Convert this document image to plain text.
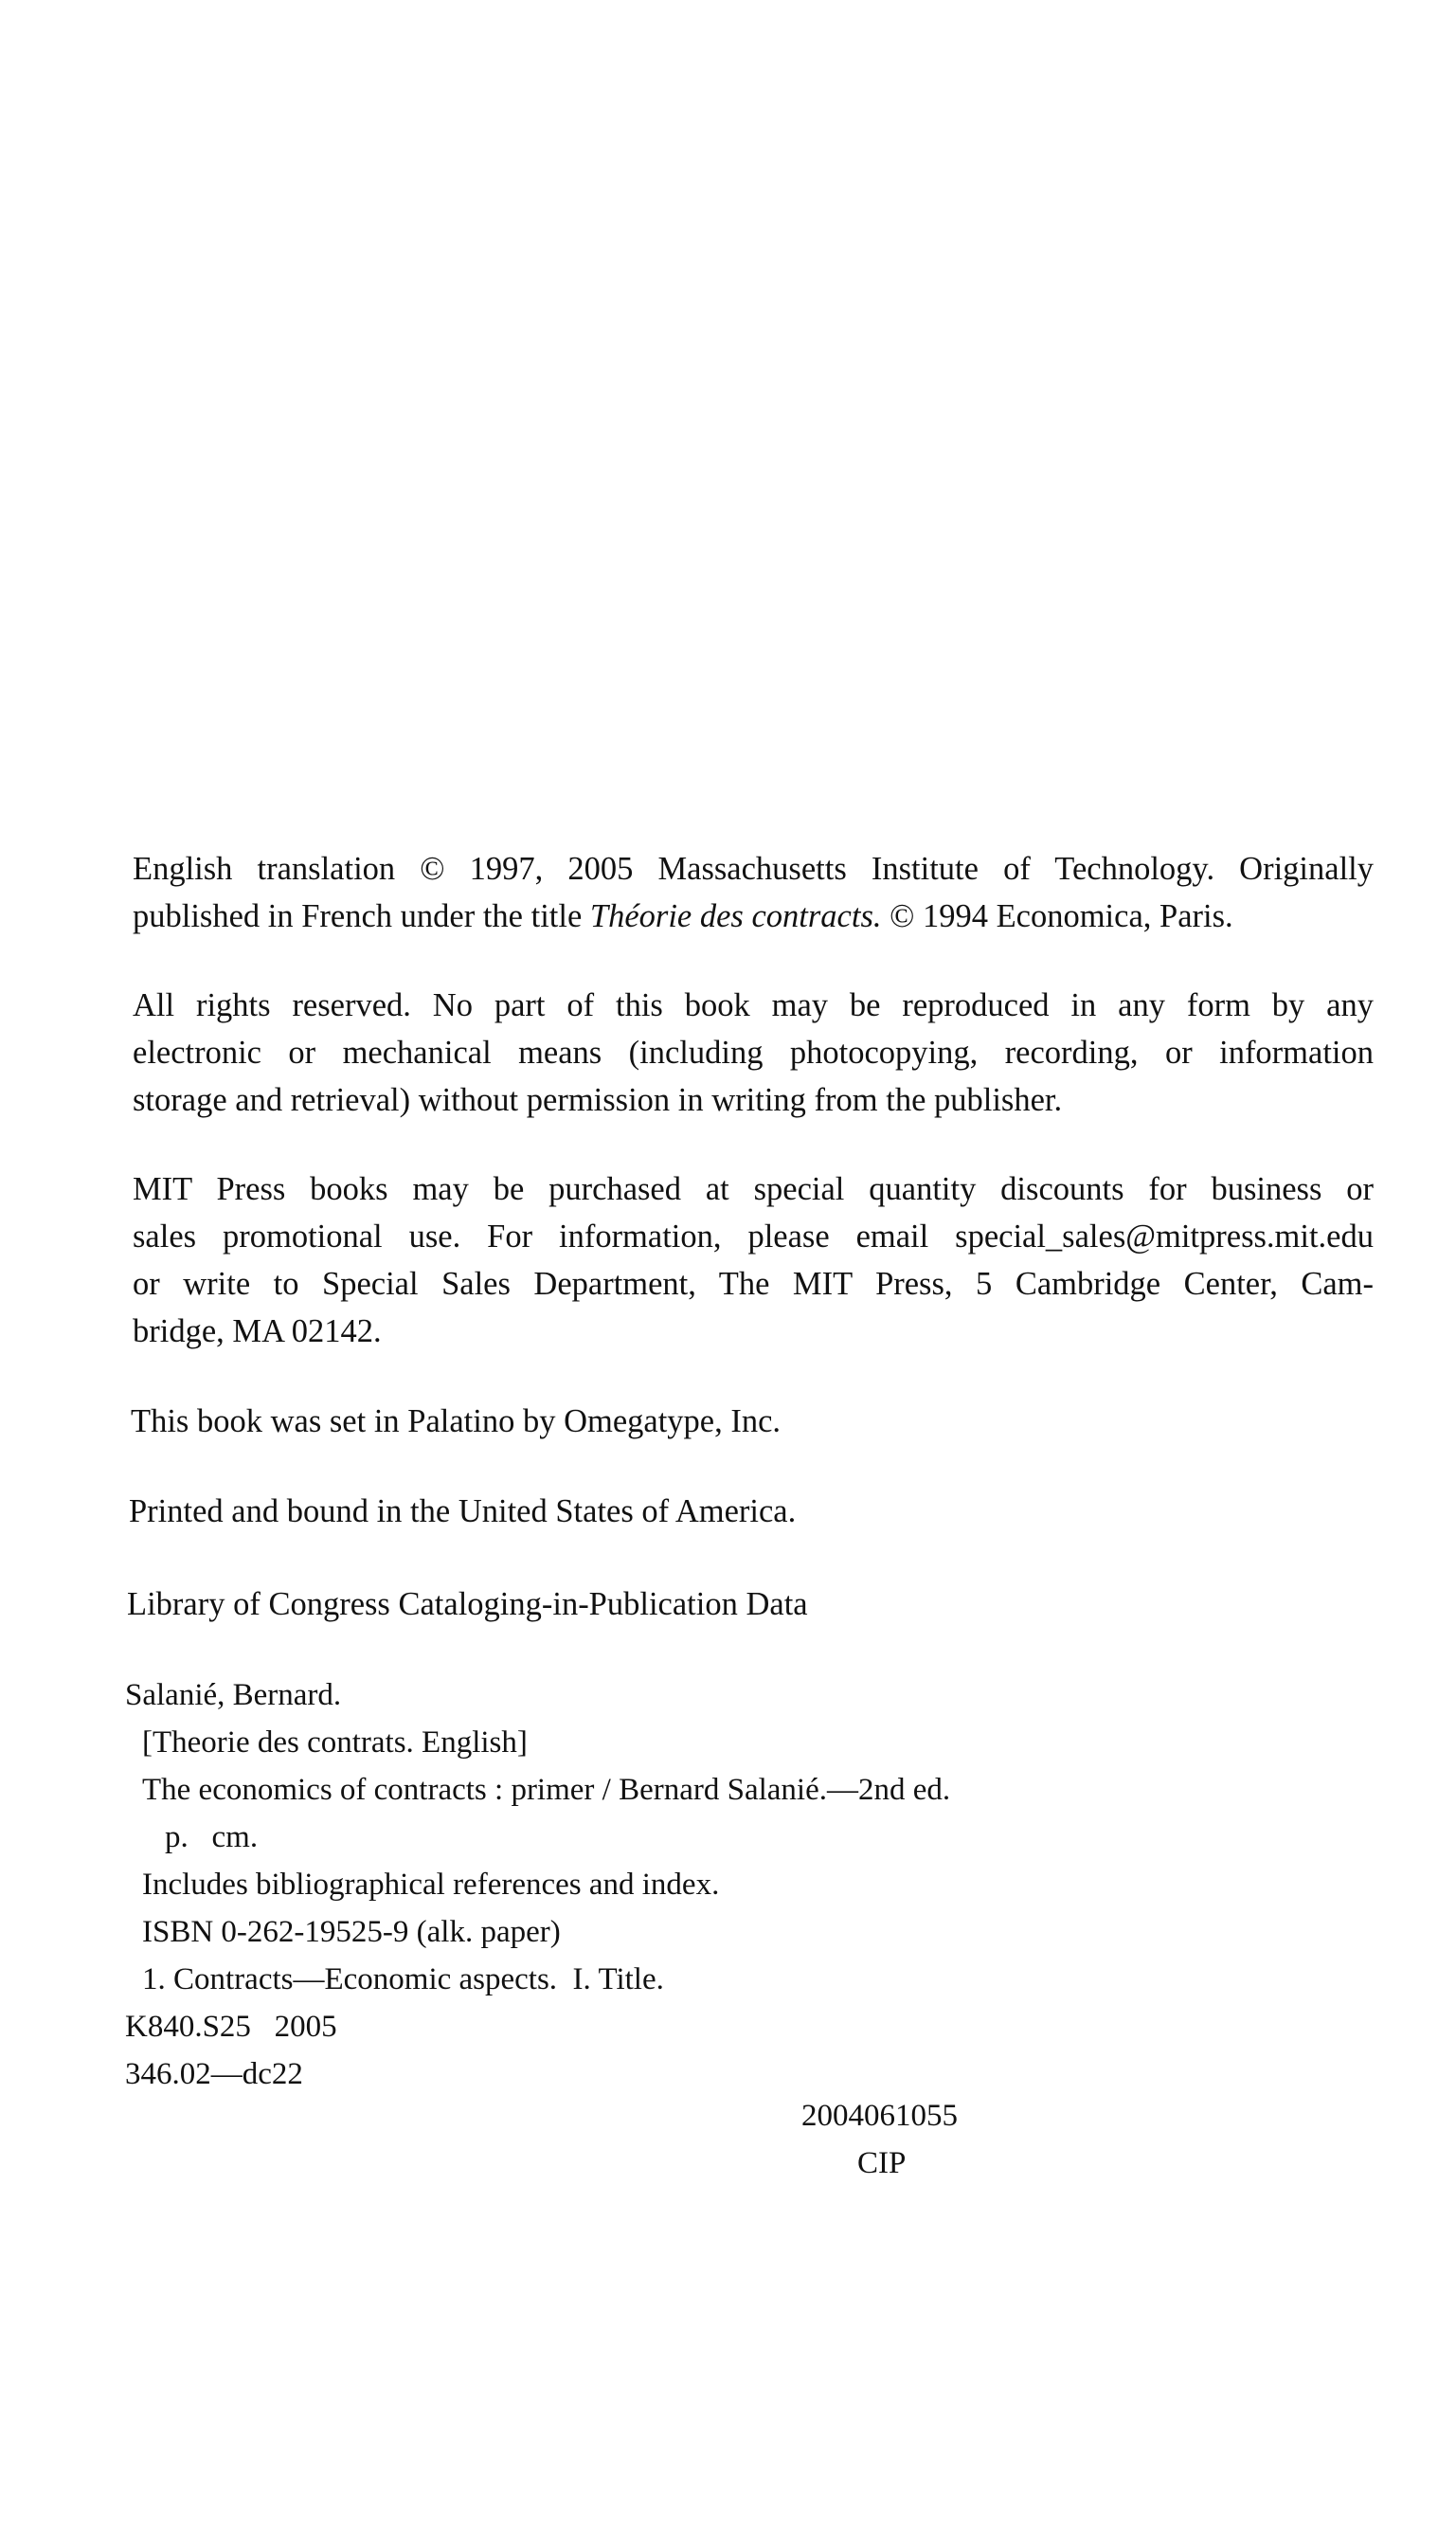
English translation © 1997, 2005 Massachusetts Institute of Technology. Originally
published in French under the title Théorie des contracts. © 1994 Economica, Paris.

All rights reserved. No part of this book may be reproduced in any form by any
electronic or mechanical means (including photocopying, recording, or information
storage and retrieval) without permission in writing from the publisher.

MIT Press books may be purchased at special quantity discounts for business or
sales promotional use. For information, please email special_sales@mitpress.mit.edu
or write to Special Sales Department, The MIT Press, 5 Cambridge Center, Cam-
bridge, MA 02142.

This book was set in Palatino by Omegatype, Inc.

Printed and bound in the United States of America.

Library of Congress Cataloging-in-Publication Data

Salanié, Bernard.
[Theorie des contrats. English]
The economics of contracts : primer / Bernard Salanié.—2nd ed.
p.   cm.
Includes bibliographical references and index.
ISBN 0-262-19525-9 (alk. paper)
1. Contracts—Economic aspects.  I. Title.
K840.S25   2005
346.02—dc22
2004061055
CIP
